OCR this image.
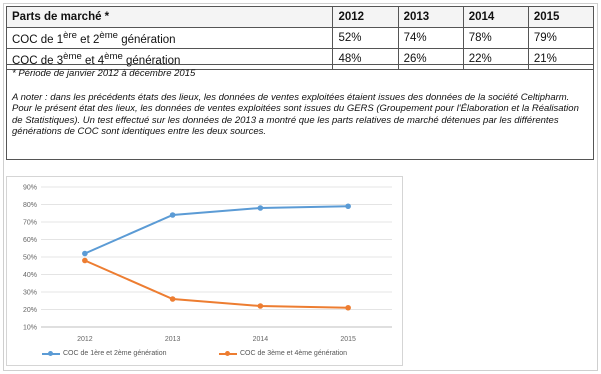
Parts de marché *	2012	2013	2014	2015
COC de 1ère et 2ème génération	52%	74%	78%	79%
COC de 3ème et 4ème génération	48%	26%	22%	21%

* Période de janvier 2012 à décembre 2015

A noter : dans les précédents états des lieux, les données de ventes exploitées étaient issues des données de la société Celtipharm. Pour le présent état des lieux, les données de ventes exploitées sont issues du GERS (Groupement pour l'Élaboration et la Réalisation de Statistiques). Un test effectué sur les données de 2013 a montré que les parts relatives de marché détenues par les différentes générations de COC sont identiques entre les deux sources.

10%
20%
30%
40%
50%
60%
70%
80%
90%
2012	2013	2014	2015
COC de 1ère et 2ème génération	COC de 3ème et 4ème génération
